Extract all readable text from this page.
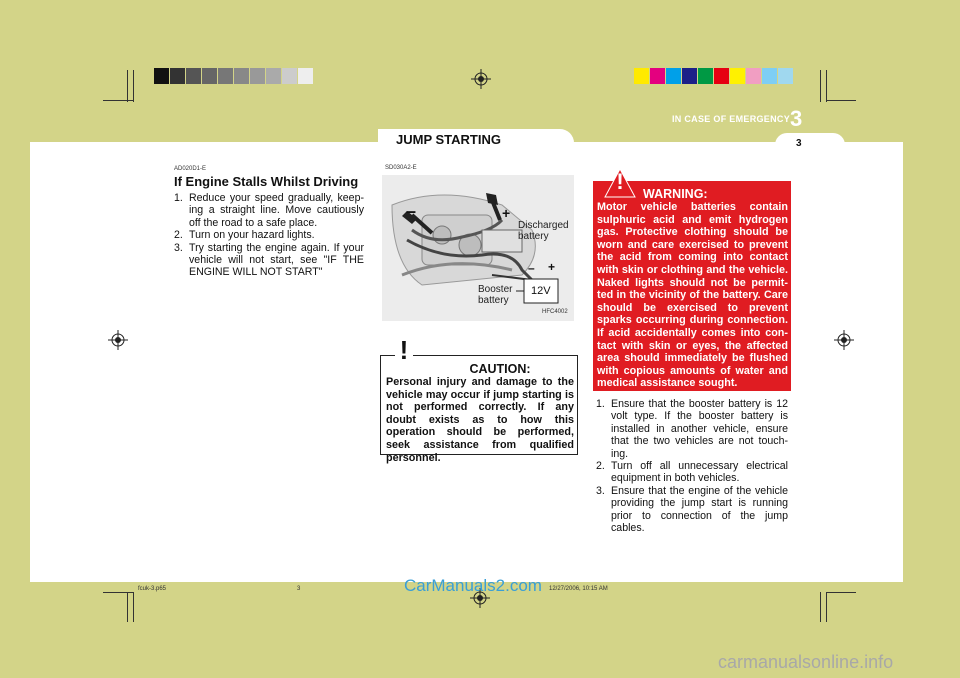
IN CASE OF EMERGENCY 3
JUMP STARTING	3
AD020D1-E
If Engine Stalls Whilst Driving
1. Reduce your speed gradually, keep-ing a straight line. Move cautiously off the road to a safe place.
2. Turn on your hazard lights.
3. Try starting the engine again. If your vehicle will not start, see "IF THE ENGINE WILL NOT START"
SD030A2-E
–	+
– +
Discharged battery
Booster battery
12V
HFC4002
!
CAUTION:
Personal injury and damage to the vehicle may occur if jump starting is not performed correctly. If any doubt exists as to how this operation should be performed, seek assistance from qualified personnel.
!	WARNING:
Motor vehicle batteries contain sulphuric acid and emit hydrogen gas. Protective clothing should be worn and care exercised to prevent the acid from coming into contact with skin or clothing and the vehicle. Naked lights should not be permit-ted in the vicinity of the battery. Care should be exercised to prevent sparks occurring during connection. If acid accidentally comes into con-tact with skin or eyes, the affected area should immediately be flushed with copious amounts of water and medical assistance sought.
1. Ensure that the booster battery is 12 volt type. If the booster battery is installed in another vehicle, ensure that the two vehicles are not touch-ing.
2. Turn off all unnecessary electrical equipment in both vehicles.
3. Ensure that the engine of the vehicle providing the jump start is running prior to connection of the jump cables.
fcuk-3.p65	3	12/27/2006, 10:15 AM
CarManuals2.com
carmanualsonline.info
